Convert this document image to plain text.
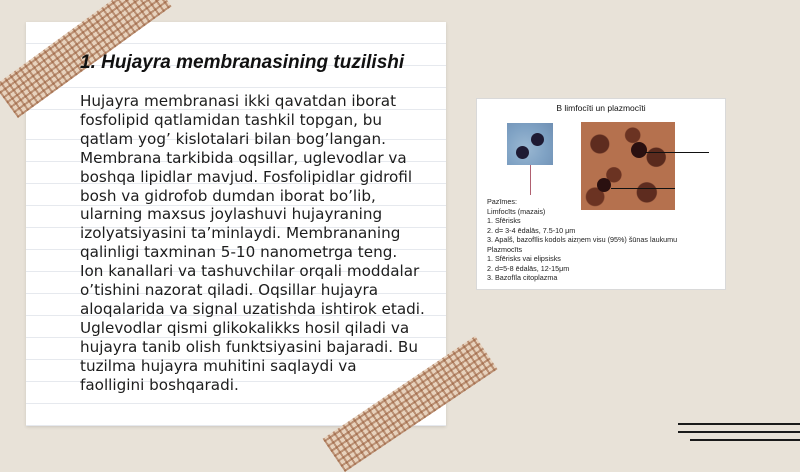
1. Hujayra membranasining tuzilishi

Hujayra membranasi ikki qavatdan iborat fosfolipid qatlamidan tashkil topgan, bu qatlam yog’ kislotalari bilan bog’langan. Membrana tarkibida oqsillar, uglevodlar va boshqa lipidlar mavjud. Fosfolipidlar gidrofil bosh va gidrofob dumdan iborat bo’lib, ularning maxsus joylashuvi hujayraning izolyatsiyasini ta’minlaydi. Membrananing qalinligi taxminan 5-10 nanometrga teng. Ion kanallari va tashuvchilar orqali moddalar o’tishini nazorat qiladi. Oqsillar hujayra aloqalarida va signal uzatishda ishtirok etadi. Uglevodlar qismi glikokalikks hosil qiladi va hujayra tanib olish funktsiyasini bajaradi. Bu tuzilma hujayra muhitini saqlaydi va faolligini boshqaradi.

B limfocīti un plazmocīti
Pazīmes:
Limfocīts (mazais)
1. Sfērisks
2. d= 3-4 ēdalās, 7.5-10 μm
3. Apalš, bazofīlis kodols aizņem visu (95%) šūnas laukumu
Plazmocīts
1. Sfērisks vai elipsisks
2. d=5-8 ēdalās, 12-15μm
3. Bazofīla citoplazma
